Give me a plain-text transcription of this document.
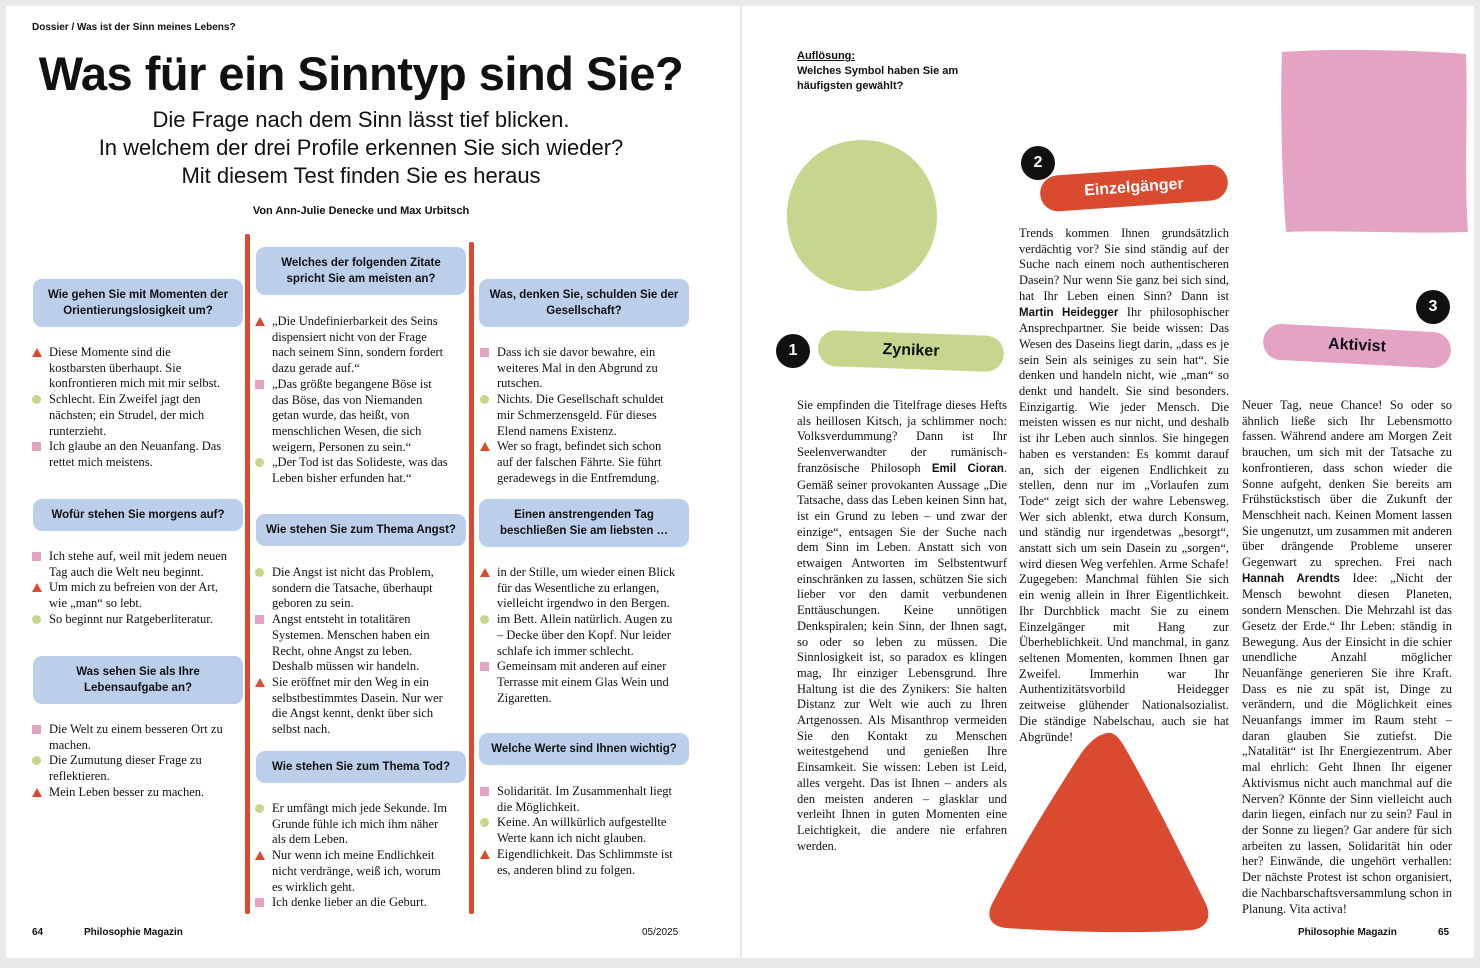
Dossier / Was ist der Sinn meines Lebens?
Was für ein Sinntyp sind Sie?
Die Frage nach dem Sinn lässt tief blicken.
In welchem der drei Profile erkennen Sie sich wieder?
Mit diesem Test finden Sie es heraus
Von Ann-Julie Denecke und Max Urbitsch
Wie gehen Sie mit Momenten der Orientierungslosigkeit um?
Diese Momente sind die kostbarsten überhaupt. Sie konfrontieren mich mit mir selbst.
Schlecht. Ein Zweifel jagt den nächsten; ein Strudel, der mich runterzieht.
Ich glaube an den Neuanfang. Das rettet mich meistens.
Wofür stehen Sie morgens auf?
Ich stehe auf, weil mit jedem neuen Tag auch die Welt neu beginnt.
Um mich zu befreien von der Art, wie „man“ so lebt.
So beginnt nur Ratgeberliteratur.
Was sehen Sie als Ihre Lebensaufgabe an?
Die Welt zu einem besseren Ort zu machen.
Die Zumutung dieser Frage zu reflektieren.
Mein Leben besser zu machen.
Welches der folgenden Zitate spricht Sie am meisten an?
„Die Undefinierbarkeit des Seins dispensiert nicht von der Frage nach seinem Sinn, sondern fordert dazu gerade auf.“
„Das größte begangene Böse ist das Böse, das von Niemanden getan wurde, das heißt, von menschlichen Wesen, die sich weigern, Personen zu sein.“
„Der Tod ist das Solideste, was das Leben bisher erfunden hat.“
Wie stehen Sie zum Thema Angst?
Die Angst ist nicht das Problem, sondern die Tatsache, überhaupt geboren zu sein.
Angst entsteht in totalitären Systemen. Menschen haben ein Recht, ohne Angst zu leben. Deshalb müssen wir handeln.
Sie eröffnet mir den Weg in ein selbstbestimmtes Dasein. Nur wer die Angst kennt, denkt über sich selbst nach.
Wie stehen Sie zum Thema Tod?
Er umfängt mich jede Sekunde. Im Grunde fühle ich mich ihm näher als dem Leben.
Nur wenn ich meine Endlichkeit nicht verdränge, weiß ich, worum es wirklich geht.
Ich denke lieber an die Geburt.
Was, denken Sie, schulden Sie der Gesellschaft?
Dass ich sie davor bewahre, ein weiteres Mal in den Abgrund zu rutschen.
Nichts. Die Gesellschaft schuldet mir Schmerzensgeld. Für dieses Elend namens Existenz.
Wer so fragt, befindet sich schon auf der falschen Fährte. Sie führt geradewegs in die Entfremdung.
Einen anstrengenden Tag beschließen Sie am liebsten …
in der Stille, um wieder einen Blick für das Wesentliche zu erlangen, vielleicht irgendwo in den Bergen.
im Bett. Allein natürlich. Augen zu – Decke über den Kopf. Nur leider schlafe ich immer schlecht.
Gemeinsam mit anderen auf einer Terrasse mit einem Glas Wein und Zigaretten.
Welche Werte sind Ihnen wichtig?
Solidarität. Im Zusammenhalt liegt die Möglichkeit.
Keine. An willkürlich aufgestellte Werte kann ich nicht glauben.
Eigendlichkeit. Das Schlimmste ist es, anderen blind zu folgen.
64	Philosophie Magazin	05/2025
Auflösung:
Welches Symbol haben Sie am häufigsten gewählt?
1	Zyniker
Sie empfinden die Titelfrage dieses Hefts als heillosen Kitsch, ja schlimmer noch: Volksverdummung? Dann ist Ihr Seelenverwandter der rumänisch-französische Philosoph Emil Cioran. Gemäß seiner provokanten Aussage „Die Tatsache, dass das Leben keinen Sinn hat, ist ein Grund zu leben – und zwar der einzige“, entsagen Sie der Suche nach dem Sinn im Leben. Anstatt sich von etwaigen Antworten im Selbstentwurf einschränken zu lassen, schützen Sie sich lieber vor den damit verbundenen Enttäuschungen. Keine unnötigen Denkspiralen; kein Sinn, der Ihnen sagt, so oder so leben zu müssen. Die Sinnlosigkeit ist, so paradox es klingen mag, Ihr einziger Lebensgrund. Ihre Haltung ist die des Zynikers: Sie halten Distanz zur Welt wie auch zu Ihren Artgenossen. Als Misanthrop vermeiden Sie den Kontakt zu Menschen weitestgehend und genießen Ihre Einsamkeit. Sie wissen: Leben ist Leid, alles vergeht. Das ist Ihnen – anders als den meisten anderen – glasklar und verleiht Ihnen in guten Momenten eine Leichtigkeit, die andere nie erfahren werden.
2
Einzelgänger
Trends kommen Ihnen grundsätzlich verdächtig vor? Sie sind ständig auf der Suche nach einem noch authentischeren Dasein? Nur wenn Sie ganz bei sich sind, hat Ihr Leben einen Sinn? Dann ist Martin Heidegger Ihr philosophischer Ansprechpartner. Sie beide wissen: Das Wesen des Daseins liegt darin, „dass es je sein Sein als seiniges zu sein hat“. Sie denken und handeln nicht, wie „man“ so denkt und handelt. Sie sind besonders. Einzigartig. Wie jeder Mensch. Die meisten wissen es nur nicht, und deshalb ist ihr Leben auch sinnlos. Sie hingegen haben es verstanden: Es kommt darauf an, sich der eigenen Endlichkeit zu stellen, denn nur im „Vorlaufen zum Tode“ zeigt sich der wahre Lebensweg. Wer sich ablenkt, etwa durch Konsum, und ständig nur irgendetwas „besorgt“, anstatt sich um sein Dasein zu „sorgen“, wird diesen Weg verfehlen. Arme Schafe! Zugegeben: Manchmal fühlen Sie sich ein wenig allein in Ihrer Eigentlichkeit. Ihr Durchblick macht Sie zu einem Einzelgänger mit Hang zur Überheblichkeit. Und manchmal, in ganz seltenen Momenten, kommen Ihnen gar Zweifel. Immerhin war Ihr Authentizitätsvorbild Heidegger zeitweise glühender Nationalsozialist. Die ständige Nabelschau, auch sie hat Abgründe!
3
Aktivist
Neuer Tag, neue Chance! So oder so ähnlich ließe sich Ihr Lebensmotto fassen. Während andere am Morgen Zeit brauchen, um sich mit der Tatsache zu konfrontieren, dass schon wieder die Sonne aufgeht, denken Sie bereits am Frühstückstisch über die Zukunft der Menschheit nach. Keinen Moment lassen Sie ungenutzt, um zusammen mit anderen über drängende Probleme unserer Gegenwart zu sprechen. Frei nach Hannah Arendts Idee: „Nicht der Mensch bewohnt diesen Planeten, sondern Menschen. Die Mehrzahl ist das Gesetz der Erde.“ Ihr Leben: ständig in Bewegung. Aus der Einsicht in die schier unendliche Anzahl möglicher Neuanfänge generieren Sie ihre Kraft. Dass es nie zu spät ist, Dinge zu verändern, und die Möglichkeit eines Neuanfangs immer im Raum steht – daran glauben Sie zutiefst. Die „Natalität“ ist Ihr Energiezentrum. Aber mal ehrlich: Geht Ihnen Ihr eigener Aktivismus nicht auch manchmal auf die Nerven? Könnte der Sinn vielleicht auch darin liegen, einfach nur zu sein? Faul in der Sonne zu liegen? Gar andere für sich arbeiten zu lassen, Solidarität hin oder her? Einwände, die ungehört verhallen: Der nächste Protest ist schon organisiert, die Nachbarschaftsversammlung schon in Planung. Vita activa!
Philosophie Magazin	65
